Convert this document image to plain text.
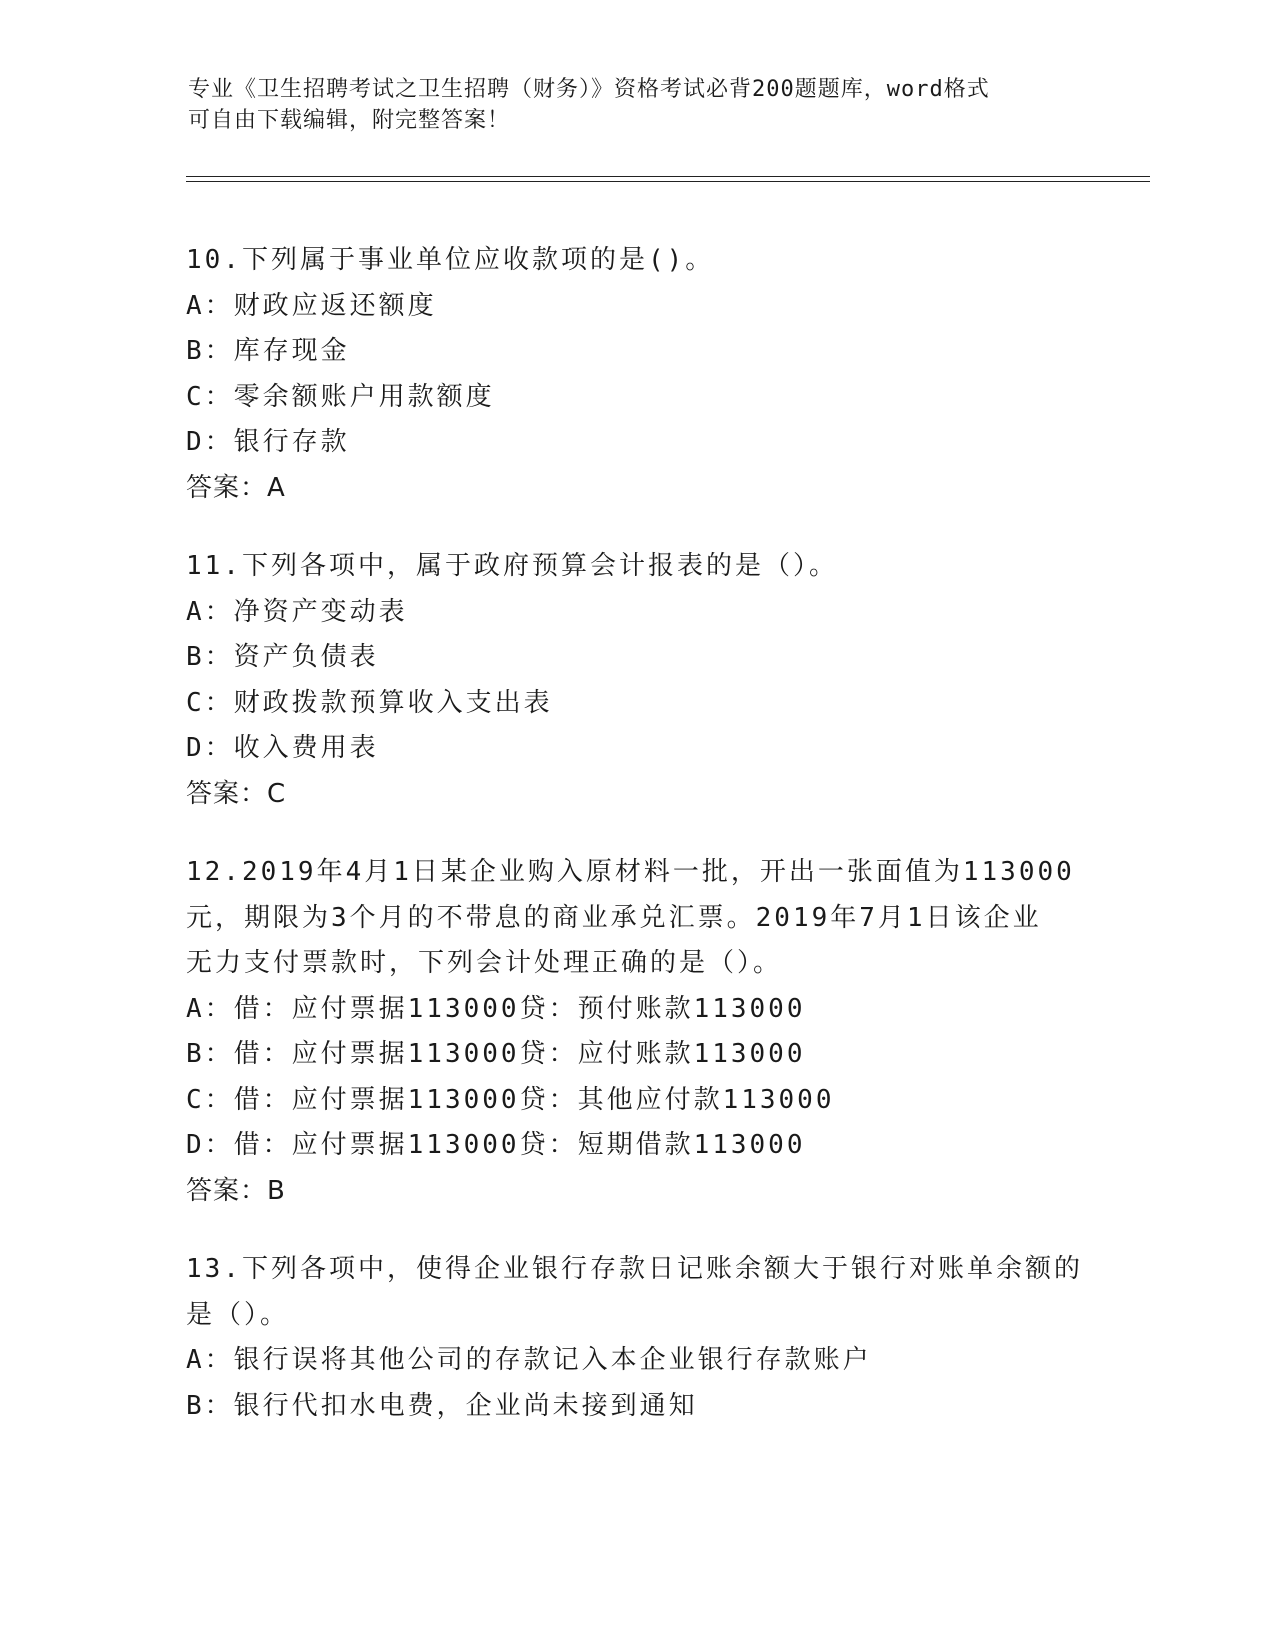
专业《卫生招聘考试之卫生招聘（财务）》资格考试必背200题题库，word格式
可自由下载编辑，附完整答案！
10.下列属于事业单位应收款项的是()。
A：财政应返还额度
B：库存现金
C：零余额账户用款额度
D：银行存款
答案：A
11.下列各项中，属于政府预算会计报表的是（）。
A：净资产变动表
B：资产负债表
C：财政拨款预算收入支出表
D：收入费用表
答案：C
12.2019年4月1日某企业购入原材料一批，开出一张面值为113000
元，期限为3个月的不带息的商业承兑汇票。2019年7月1日该企业
无力支付票款时，下列会计处理正确的是（）。
A：借：应付票据113000贷：预付账款113000
B：借：应付票据113000贷：应付账款113000
C：借：应付票据113000贷：其他应付款113000
D：借：应付票据113000贷：短期借款113000
答案：B
13.下列各项中，使得企业银行存款日记账余额大于银行对账单余额的
是（）。
A：银行误将其他公司的存款记入本企业银行存款账户
B：银行代扣水电费，企业尚未接到通知
